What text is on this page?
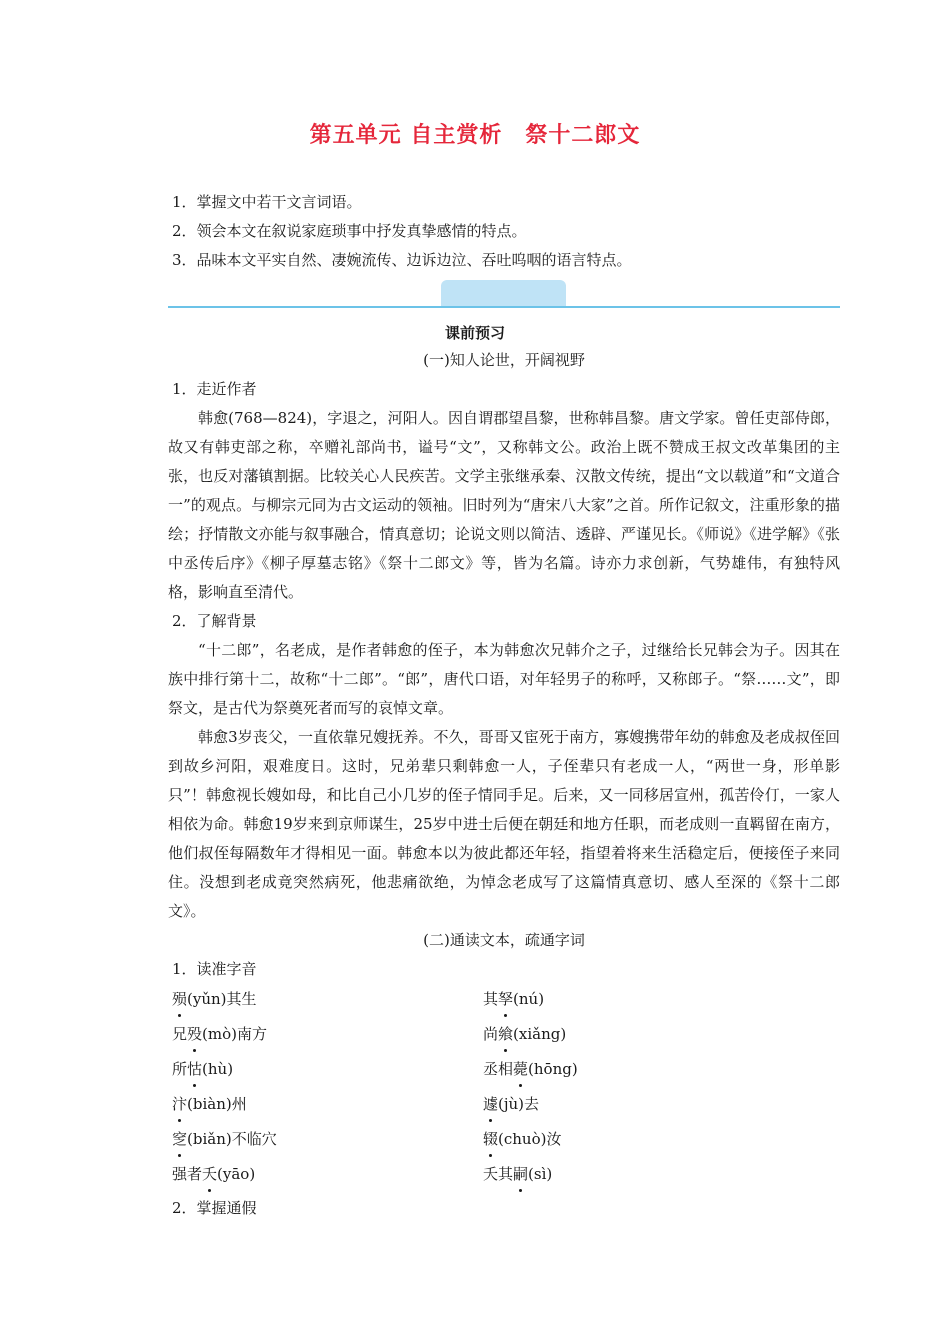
第五单元 自主赏析　祭十二郎文
1．掌握文中若干文言词语。
2．领会本文在叙说家庭琐事中抒发真挚感情的特点。
3．品味本文平实自然、凄婉流传、边诉边泣、吞吐呜咽的语言特点。
课前预习
(一)知人论世，开阔视野
1．走近作者

韩愈(768—824)，字退之，河阳人。因自谓郡望昌黎，世称韩昌黎。唐文学家。曾任吏部侍郎，故又有韩吏部之称，卒赠礼部尚书，谥号“文”，又称韩文公。政治上既不赞成王叔文改革集团的主张，也反对藩镇割据。比较关心人民疾苦。文学主张继承秦、汉散文传统，提出“文以载道”和“文道合一”的观点。与柳宗元同为古文运动的领袖。旧时列为“唐宋八大家”之首。所作记叙文，注重形象的描绘；抒情散文亦能与叙事融合，情真意切；论说文则以简洁、透辟、严谨见长。《师说》《进学解》《张中丞传后序》《柳子厚墓志铭》《祭十二郎文》等，皆为名篇。诗亦力求创新，气势雄伟，有独特风格，影响直至清代。

2．了解背景

“十二郎”，名老成，是作者韩愈的侄子，本为韩愈次兄韩介之子，过继给长兄韩会为子。因其在族中排行第十二，故称“十二郎”。“郎”，唐代口语，对年轻男子的称呼，又称郎子。“祭……文”，即祭文，是古代为祭奠死者而写的哀悼文章。

韩愈3岁丧父，一直依靠兄嫂抚养。不久，哥哥又宦死于南方，寡嫂携带年幼的韩愈及老成叔侄回到故乡河阳，艰难度日。这时，兄弟辈只剩韩愈一人，子侄辈只有老成一人，“两世一身，形单影只”！韩愈视长嫂如母，和比自己小几岁的侄子情同手足。后来，又一同移居宣州，孤苦伶仃，一家人相依为命。韩愈19岁来到京师谋生，25岁中进士后便在朝廷和地方任职，而老成则一直羁留在南方，他们叔侄每隔数年才得相见一面。韩愈本以为彼此都还年轻，指望着将来生活稳定后，便接侄子来同住。没想到老成竟突然病死，他悲痛欲绝，为悼念老成写了这篇情真意切、感人至深的《祭十二郎文》。

(二)通读文本，疏通字词
1．读准字音
殒(yǔn)其生	其孥(nú)
兄殁(mò)南方	尚飨(xiǎng)
所怙(hù)	丞相薨(hōng)
汴(biàn)州	遽(jù)去
窆(biǎn)不临穴	辍(chuò)汝
强者夭(yāo)	夭其嗣(sì)
2．掌握通假
